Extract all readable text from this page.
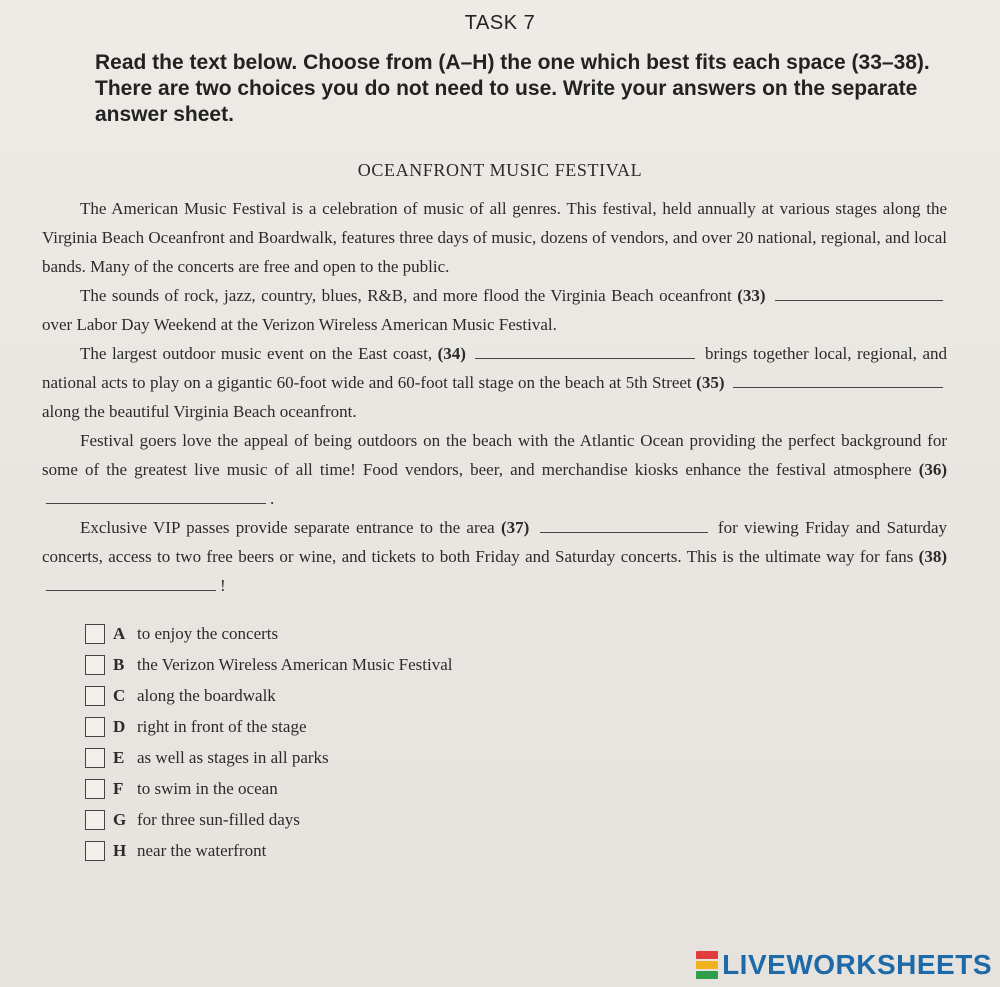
TASK 7
Read the text below. Choose from (A–H) the one which best fits each space (33–38). There are two choices you do not need to use. Write your answers on the separate answer sheet.
OCEANFRONT MUSIC FESTIVAL

The American Music Festival is a celebration of music of all genres. This festival, held annually at various stages along the Virginia Beach Oceanfront and Boardwalk, features three days of music, dozens of vendors, and over 20 national, regional, and local bands. Many of the concerts are free and open to the public.

The sounds of rock, jazz, country, blues, R&B, and more flood the Virginia Beach oceanfront (33)  over Labor Day Weekend at the Verizon Wireless American Music Festival.

The largest outdoor music event on the East coast, (34)	brings together local, regional, and national acts to play on a gigantic 60-foot wide and 60-foot tall stage on the beach at 5th Street (35)  along the beautiful Virginia Beach oceanfront.

Festival goers love the appeal of being outdoors on the beach with the Atlantic Ocean providing the perfect background for some of the greatest live music of all time! Food vendors, beer, and merchandise kiosks enhance the festival atmosphere (36) .

Exclusive VIP passes provide separate entrance to the area (37)	for viewing Friday and Saturday concerts, access to two free beers or wine, and tickets to both Friday and Saturday concerts. This is the ultimate way for fans (38) !

A to enjoy the concerts
B the Verizon Wireless American Music Festival
C along the boardwalk
D right in front of the stage
E as well as stages in all parks
F to swim in the ocean
G for three sun-filled days
H near the waterfront
LIVEWORKSHEETS
